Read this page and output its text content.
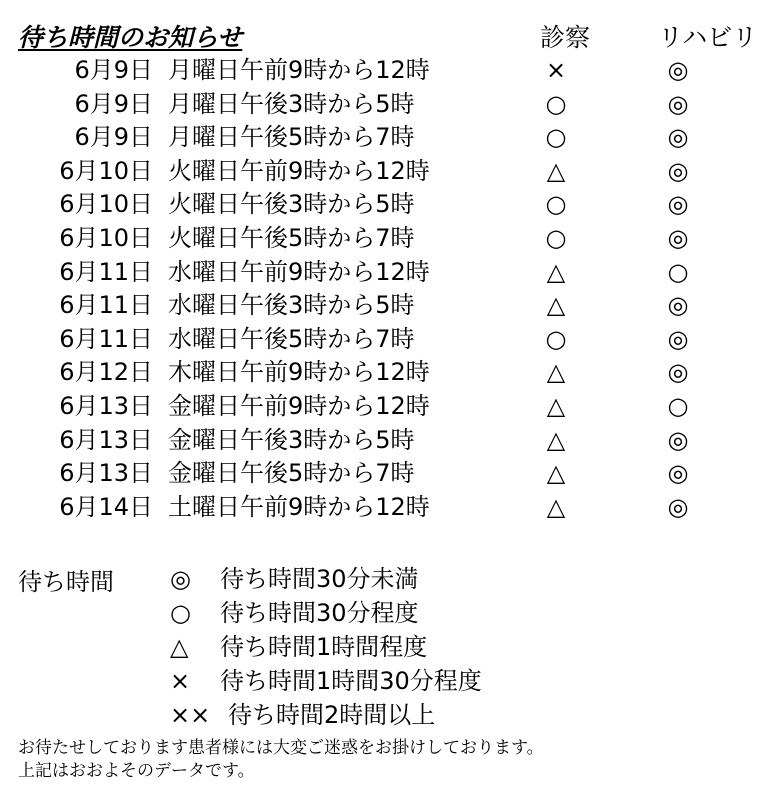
待ち時間のお知らせ	診察	リハビリ
6月9日 月曜日午前9時から12時	×	◎
6月9日 月曜日午後3時から5時	○	◎
6月9日 月曜日午後5時から7時	○	◎
6月10日 火曜日午前9時から12時	△	◎
6月10日 火曜日午後3時から5時	○	◎
6月10日 火曜日午後5時から7時	○	◎
6月11日 水曜日午前9時から12時	△	○
6月11日 水曜日午後3時から5時	△	◎
6月11日 水曜日午後5時から7時	○	◎
6月12日 木曜日午前9時から12時	△	◎
6月13日 金曜日午前9時から12時	△	○
6月13日 金曜日午後3時から5時	△	◎
6月13日 金曜日午後5時から7時	△	◎
6月14日 土曜日午前9時から12時	△	◎
待ち時間 ◎ 待ち時間30分未満
○ 待ち時間30分程度
△ 待ち時間1時間程度
× 待ち時間1時間30分程度
×× 待ち時間2時間以上
お待たせしております患者様には大変ご迷惑をお掛けしております。
上記はおおよそのデータです。
